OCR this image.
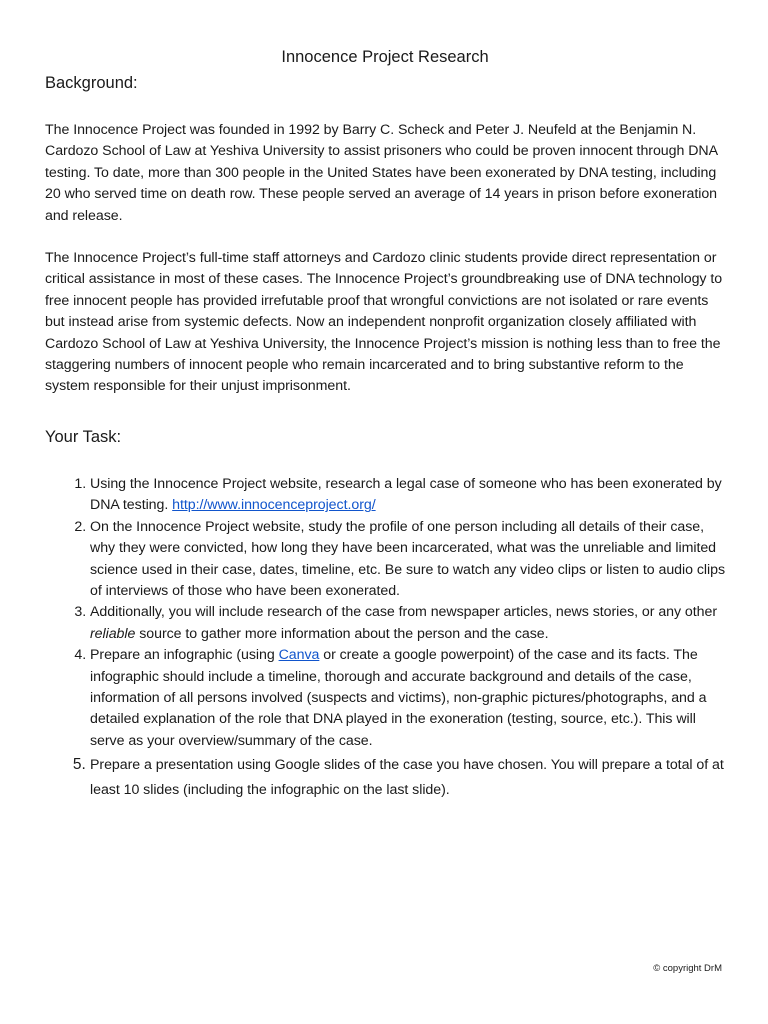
Innocence Project Research
Background:

The Innocence Project was founded in 1992 by Barry C. Scheck and Peter J. Neufeld at the Benjamin N. Cardozo School of Law at Yeshiva University to assist prisoners who could be proven innocent through DNA testing. To date, more than 300 people in the United States have been exonerated by DNA testing, including 20 who served time on death row. These people served an average of 14 years in prison before exoneration and release.

The Innocence Project’s full-time staff attorneys and Cardozo clinic students provide direct representation or critical assistance in most of these cases. The Innocence Project’s groundbreaking use of DNA technology to free innocent people has provided irrefutable proof that wrongful convictions are not isolated or rare events but instead arise from systemic defects. Now an independent nonprofit organization closely affiliated with Cardozo School of Law at Yeshiva University, the Innocence Project’s mission is nothing less than to free the staggering numbers of innocent people who remain incarcerated and to bring substantive reform to the system responsible for their unjust imprisonment.

Your Task:
1. Using the Innocence Project website, research a legal case of someone who has been exonerated by DNA testing. http://www.innocenceproject.org/
2. On the Innocence Project website, study the profile of one person including all details of their case, why they were convicted, how long they have been incarcerated, what was the unreliable and limited science used in their case, dates, timeline, etc. Be sure to watch any video clips or listen to audio clips of interviews of those who have been exonerated.
3. Additionally, you will include research of the case from newspaper articles, news stories, or any other reliable source to gather more information about the person and the case.
4. Prepare an infographic (using Canva or create a google powerpoint) of the case and its facts. The infographic should include a timeline, thorough and accurate background and details of the case, information of all persons involved (suspects and victims), non-graphic pictures/photographs, and a detailed explanation of the role that DNA played in the exoneration (testing, source, etc.). This will serve as your overview/summary of the case.
5. Prepare a presentation using Google slides of the case you have chosen. You will prepare a total of at least 10 slides (including the infographic on the last slide).
© copyright DrM
